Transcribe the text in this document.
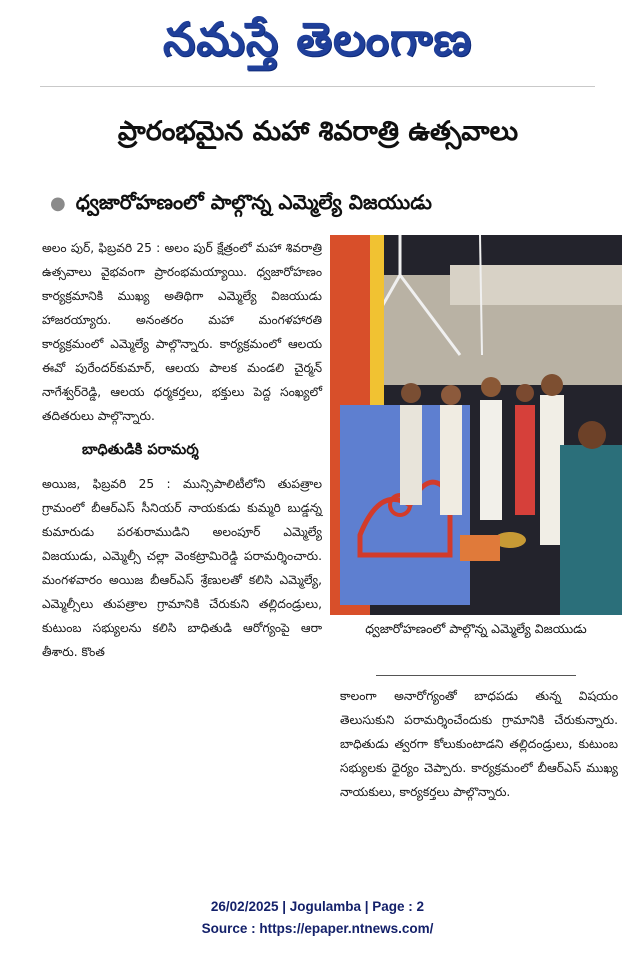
నమస్తే తెలంగాణ
ప్రారంభమైన మహా శివరాత్రి ఉత్సవాలు
● ధ్వజారోహణంలో పాల్గొన్న ఎమ్మెల్యే విజయుడు

అలం పుర్, ఫిబ్రవరి 25 : అలం పుర్ క్షేత్రంలో మహా శివరాత్రి ఉత్సవాలు వైభవంగా ప్రారంభమయ్యాయి. ధ్వజారోహణం కార్యక్రమానికి ముఖ్య అతిథిగా ఎమ్మెల్యే విజయుడు హాజరయ్యారు. అనంతరం మహా మంగళహారతి కార్యక్రమంలో ఎమ్మెల్యే పాల్గొన్నారు. కార్యక్రమంలో ఆలయ ఈవో పురేందర్‌కుమార్, ఆలయ పాలక మండలి చైర్మన్ నాగేశ్వర్‌రెడ్డి, ఆలయ ధర్మకర్తలు, భక్తులు పెద్ద సంఖ్యలో తదితరులు పాల్గొన్నారు.

బాధితుడికి పరామర్శ

అయిజ, ఫిబ్రవరి 25 : మున్సిపాలిటీలోని తుపత్రాల గ్రామంలో బీఆర్‌ఎస్ సీనియర్ నాయకుడు కుమ్మరి బుడ్డన్న కుమారుడు పరశురాముడిని అలంపూర్ ఎమ్మెల్యే విజయుడు, ఎమ్మెల్సీ చల్లా వెంకట్రామిరెడ్డి పరామర్శించారు. మంగళవారం అయిజ బీఆర్‌ఎస్ శ్రేణులతో కలిసి ఎమ్మెల్యే, ఎమ్మెల్సీలు తుపత్రాల గ్రామానికి చేరుకుని తల్లిదండ్రులు, కుటుంబ సభ్యులను కలిసి బాధితుడి ఆరోగ్యంపై ఆరా తీశారు. కొంత

ధ్వజారోహణంలో పాల్గొన్న ఎమ్మెల్యే విజయుడు

కాలంగా అనారోగ్యంతో బాధపడు తున్న విషయం తెలుసుకుని పరామర్శించేందుకు గ్రామానికి చేరుకున్నారు. బాధితుడు త్వరగా కోలుకుంటాడని తల్లిదండ్రులు, కుటుంబ సభ్యులకు ధైర్యం చెప్పారు. కార్యక్రమంలో బీఆర్‌ఎస్ ముఖ్య నాయకులు, కార్యకర్తలు పాల్గొన్నారు.

26/02/2025 | Jogulamba | Page : 2
Source : https://epaper.ntnews.com/
